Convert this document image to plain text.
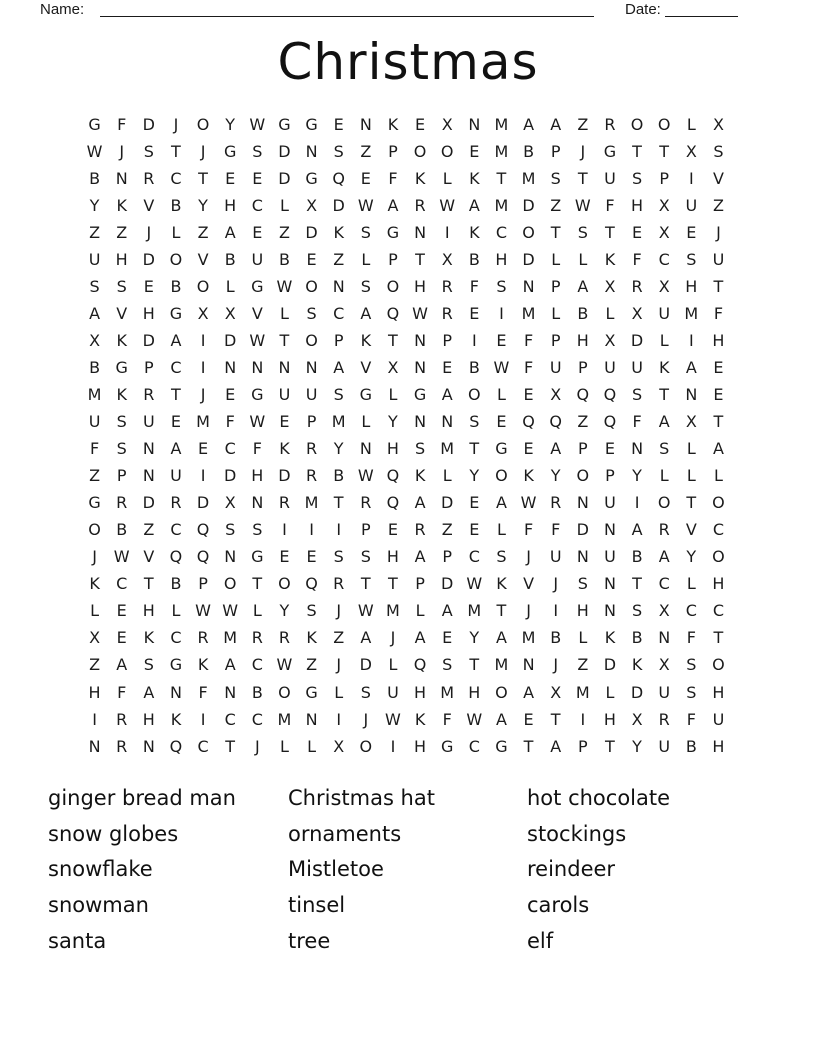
Name:	Date:
Christmas
G	F	D	J	O Y W G G E	N K	E	X N M A	A	Z	R O O	L	X
W	J	S	T	J	G S D N	S	Z	P	O O E M B	P	J	G	T	T	X	S
B N R C	T	E	E D G Q E	F	K	L	K	T M S	T	U	S	P	I	V
Y	K	V	B	Y	H C	L	X D W A	R W A M D Z W F	H X U Z
Z	Z	J	L	Z	A	E	Z D K	S G N	I	K	C O T	S	T	E	X	E	J
U H D O V	B U B	E	Z	L	P	T	X	B H D	L	L	K	F	C	S	U
S	S	E	B O	L	G W O N	S O H R	F	S	N	P	A	X	R	X H	T
A	V H G X	X	V	L	S	C	A Q W R	E	I	M L	B	L	X U M F
X	K D A	I	D W T O	P	K	T	N	P	I	E	F	P	H X D	L	I	H
B G	P	C	I	N N N N A	V	X N	E	B W F	U	P	U U	K	A	E
M K	R	T	J	E G U U	S G	L	G A O	L	E	X Q Q S	T	N	E
U	S	U	E M F W E	P M L	Y	N N	S	E Q Q Z Q	F	A	X	T
F	S	N A	E	C	F	K	R	Y	N H	S M T	G E	A	P	E	N	S	L	A
Z	P	N U	I	D H D R	B W Q K	L	Y O K	Y O	P	Y	L	L	L
G R D R D X N R M T	R Q A D E	A W R N U	I	O T O
O B	Z	C Q S	S	I	I	I	P	E	R	Z	E	L	F	F	D N A	R	V	C
J	W V Q Q N G E	E	S	S	H A	P	C	S	J	U N U B	A	Y O
K	C	T	B	P	O T O Q R	T	T	P	D W K	V	J	S	N	T	C	L	H
L	E	H	L W W L	Y	S	J	W M L	A M T	J	I	H N	S	X	C C
X	E	K	C R M R	R	K	Z	A	J	A	E	Y	A M B	L	K	B N	F	T
Z	A	S G K	A	C W Z	J	D	L	Q S	T M N	J	Z D K	X	S O
H	F	A N	F	N B O G	L	S	U H M H O A	X M L	D U	S	H
I	R H K	I	C C M N	I	J	W K	F W A	E	T	I	H X	R	F	U
N R N Q C	T	J	L	L	X O	I	H G C G	T	A	P	T	Y	U B H
ginger bread man
snow globes
snowflake
snowman
santa
Christmas hat
ornaments
Mistletoe
tinsel
tree
hot chocolate
stockings
reindeer
carols
elf
